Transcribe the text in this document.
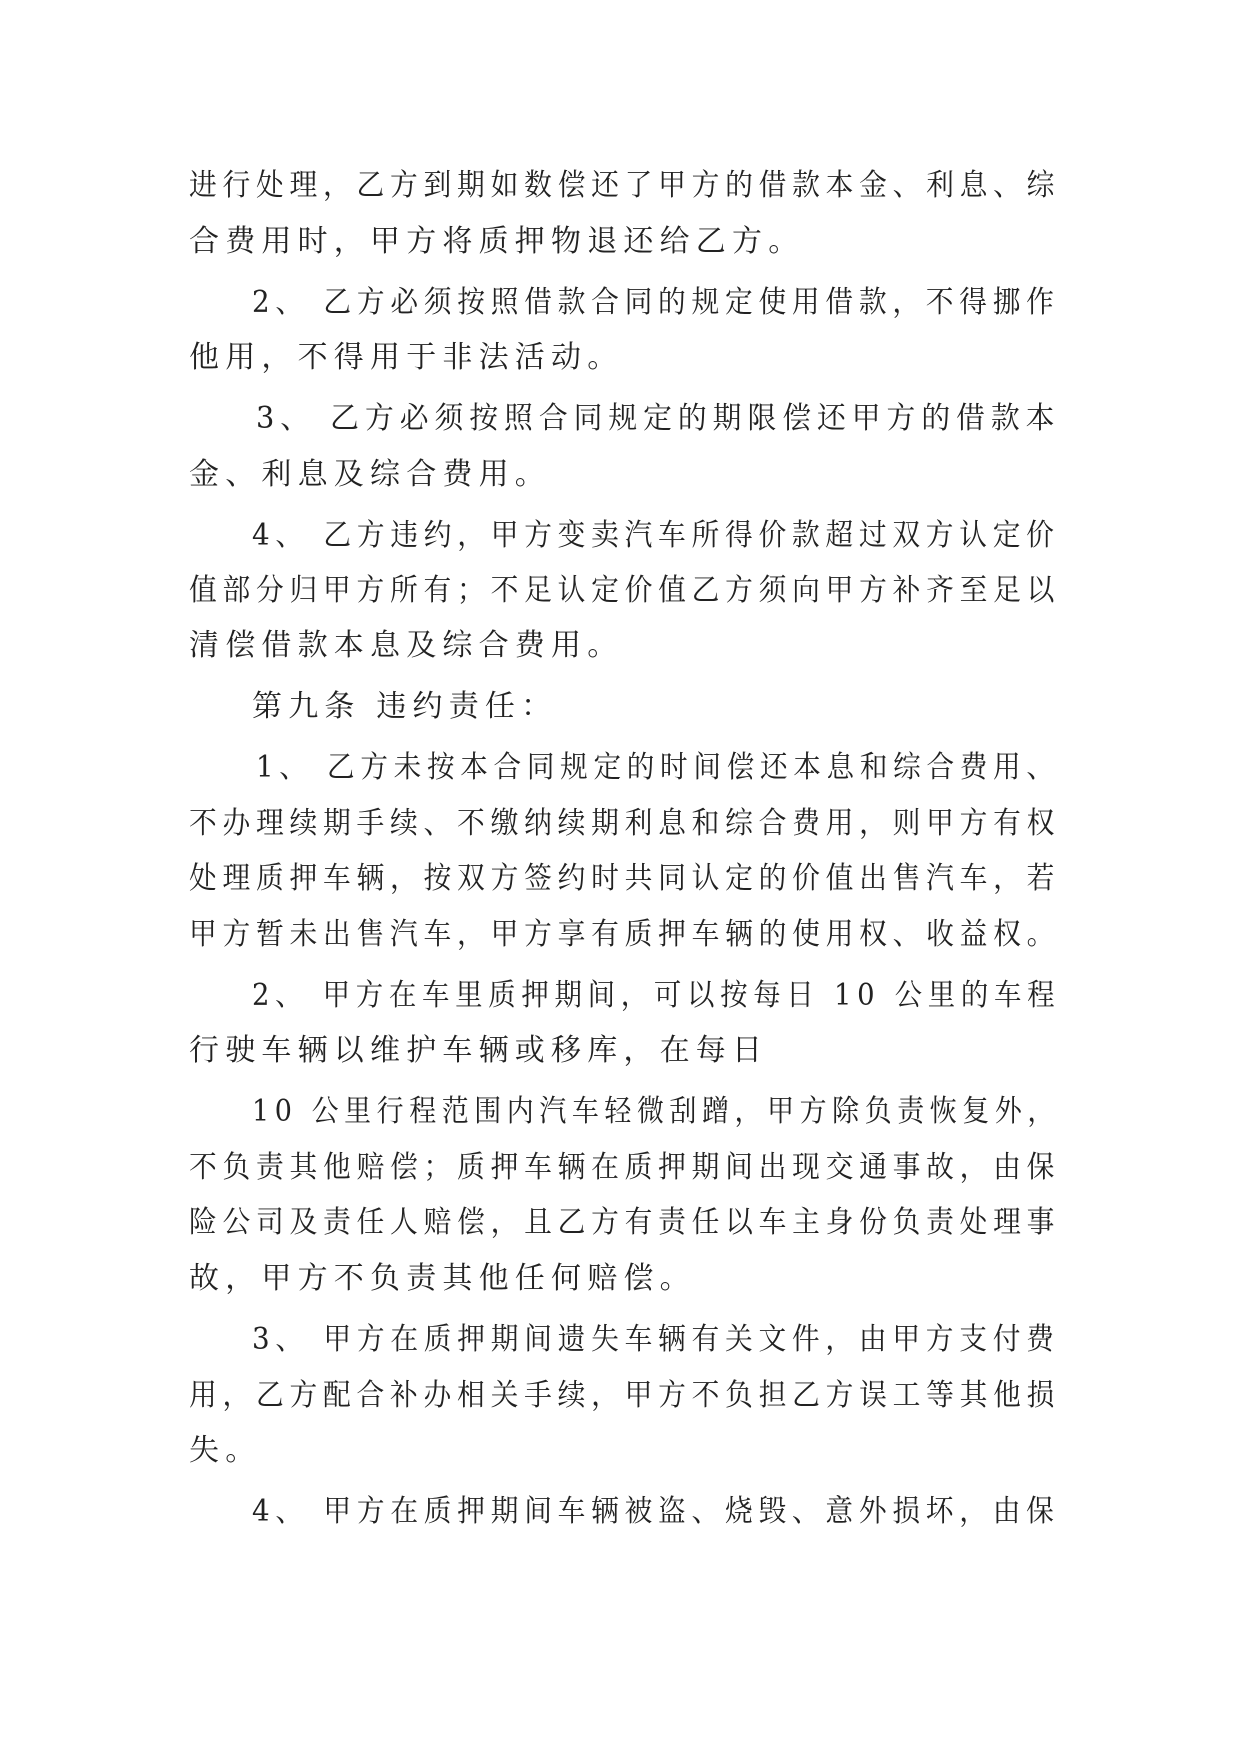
进行处理，乙方到期如数偿还了甲方的借款本金、利息、综
合费用时，甲方将质押物退还给乙方。
2、 乙方必须按照借款合同的规定使用借款，不得挪作
他用，不得用于非法活动。
3、 乙方必须按照合同规定的期限偿还甲方的借款本
金、利息及综合费用。
4、 乙方违约，甲方变卖汽车所得价款超过双方认定价
值部分归甲方所有；不足认定价值乙方须向甲方补齐至足以
清偿借款本息及综合费用。
第九条 违约责任：
1、 乙方未按本合同规定的时间偿还本息和综合费用、
不办理续期手续、不缴纳续期利息和综合费用，则甲方有权
处理质押车辆，按双方签约时共同认定的价值出售汽车，若
甲方暂未出售汽车，甲方享有质押车辆的使用权、收益权。
2、 甲方在车里质押期间，可以按每日 10 公里的车程
行驶车辆以维护车辆或移库，在每日
10 公里行程范围内汽车轻微刮蹭，甲方除负责恢复外，
不负责其他赔偿；质押车辆在质押期间出现交通事故，由保
险公司及责任人赔偿，且乙方有责任以车主身份负责处理事
故，甲方不负责其他任何赔偿。
3、 甲方在质押期间遗失车辆有关文件，由甲方支付费
用，乙方配合补办相关手续，甲方不负担乙方误工等其他损
失。
4、 甲方在质押期间车辆被盗、烧毁、意外损坏，由保
